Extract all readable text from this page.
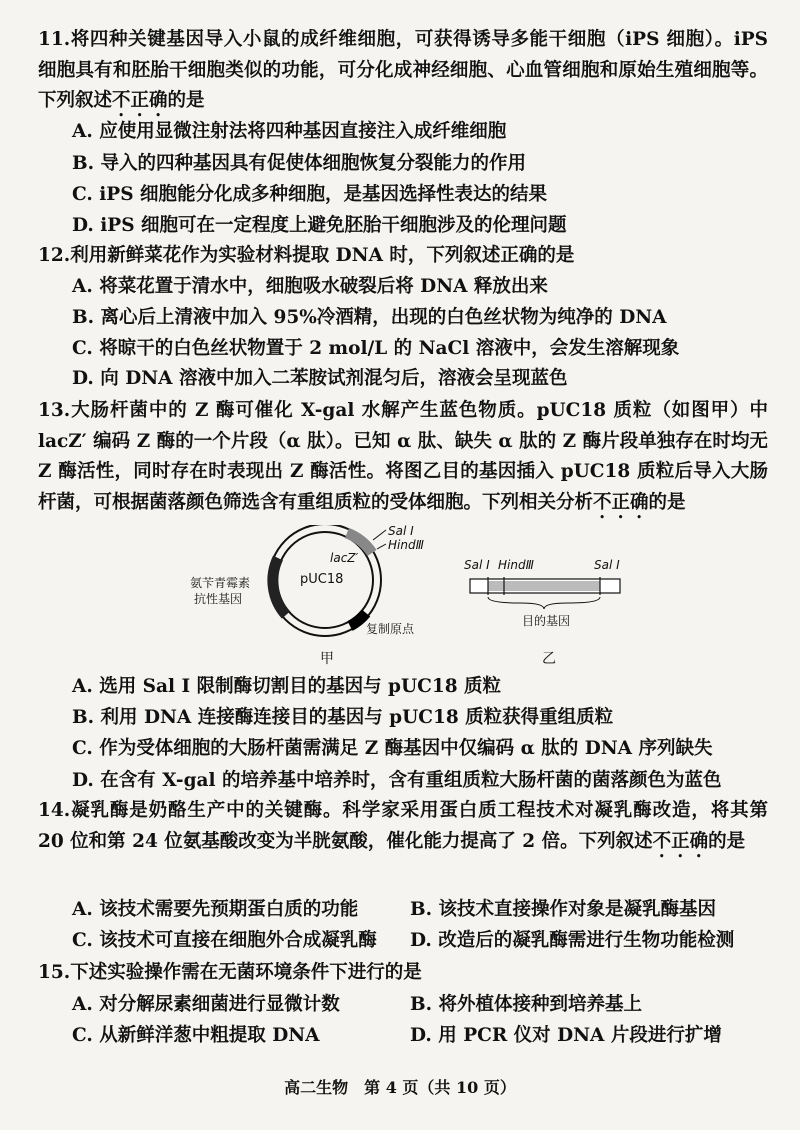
11.将四种关键基因导入小鼠的成纤维细胞，可获得诱导多能干细胞（iPS 细胞）。iPS 细胞具有和胚胎干细胞类似的功能，可分化成神经细胞、心血管细胞和原始生殖细胞等。下列叙述不正确的是
A. 应使用显微注射法将四种基因直接注入成纤维细胞
B. 导入的四种基因具有促使体细胞恢复分裂能力的作用
C. iPS 细胞能分化成多种细胞，是基因选择性表达的结果
D. iPS 细胞可在一定程度上避免胚胎干细胞涉及的伦理问题
12.利用新鲜菜花作为实验材料提取 DNA 时，下列叙述正确的是
A. 将菜花置于清水中，细胞吸水破裂后将 DNA 释放出来
B. 离心后上清液中加入 95%冷酒精，出现的白色丝状物为纯净的 DNA
C. 将晾干的白色丝状物置于 2 mol/L 的 NaCl 溶液中，会发生溶解现象
D. 向 DNA 溶液中加入二苯胺试剂混匀后，溶液会呈现蓝色
13.大肠杆菌中的 Z 酶可催化 X-gal 水解产生蓝色物质。pUC18 质粒（如图甲）中 lacZ′ 编码 Z 酶的一个片段（α 肽）。已知 α 肽、缺失 α 肽的 Z 酶片段单独存在时均无 Z 酶活性，同时存在时表现出 Z 酶活性。将图乙目的基因插入 pUC18 质粒后导入大肠杆菌，可根据菌落颜色筛选含有重组质粒的受体细胞。下列相关分析不正确的是
Sal Ⅰ
HindⅢ
lacZ′
pUC18
氨苄青霉素
抗性基因
复制原点
甲
Sal Ⅰ HindⅢ	Sal Ⅰ
目的基因
乙
A. 选用 Sal Ⅰ 限制酶切割目的基因与 pUC18 质粒
B. 利用 DNA 连接酶连接目的基因与 pUC18 质粒获得重组质粒
C. 作为受体细胞的大肠杆菌需满足 Z 酶基因中仅编码 α 肽的 DNA 序列缺失
D. 在含有 X-gal 的培养基中培养时，含有重组质粒大肠杆菌的菌落颜色为蓝色
14.凝乳酶是奶酪生产中的关键酶。科学家采用蛋白质工程技术对凝乳酶改造，将其第 20 位和第 24 位氨基酸改变为半胱氨酸，催化能力提高了 2 倍。下列叙述不正确的是
A. 该技术需要先预期蛋白质的功能	B. 该技术直接操作对象是凝乳酶基因
C. 该技术可直接在细胞外合成凝乳酶 D. 改造后的凝乳酶需进行生物功能检测
15.下述实验操作需在无菌环境条件下进行的是
A. 对分解尿素细菌进行显微计数	B. 将外植体接种到培养基上
C. 从新鲜洋葱中粗提取 DNA	D. 用 PCR 仪对 DNA 片段进行扩增
高二生物　第 4 页（共 10 页）
